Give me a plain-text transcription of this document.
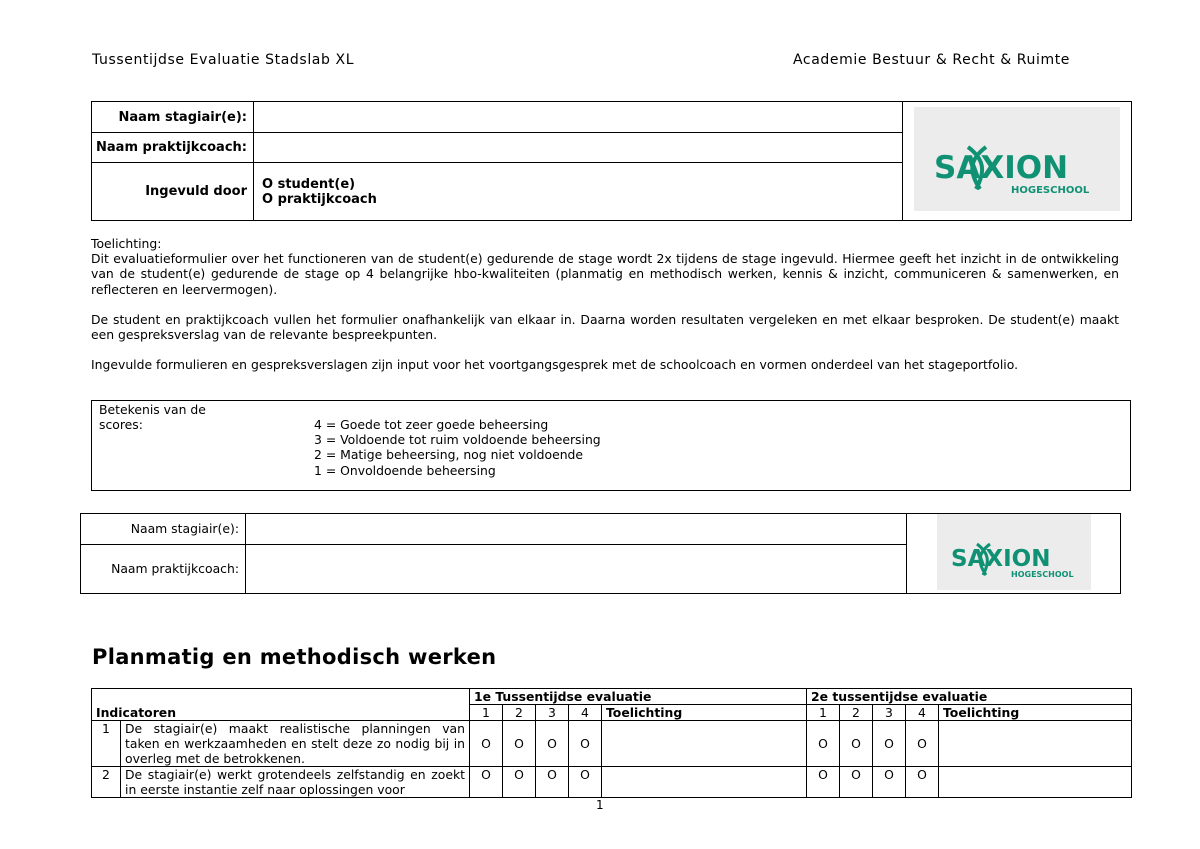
Tussentijdse Evaluatie Stadslab XL	Academie Bestuur & Recht & Ruimte
Naam stagiair(e):		SAXION
HOGESCHOOL

Naam praktijkcoach:		
Ingevuld door	O student(e)
O praktijkcoach	

Toelichting:

Dit evaluatieformulier over het functioneren van de student(e) gedurende de stage wordt 2x tijdens de stage ingevuld. Hiermee geeft het inzicht in de ontwikkeling van de student(e) gedurende de stage op 4 belangrijke hbo-kwaliteiten (planmatig en methodisch werken, kennis & inzicht, communiceren & samenwerken, en reflecteren en leervermogen).

De student en praktijkcoach vullen het formulier onafhankelijk van elkaar in. Daarna worden resultaten vergeleken en met elkaar besproken. De student(e) maakt een gespreksverslag van de relevante bespreekpunten.

Ingevulde formulieren en gespreksverslagen zijn input voor het voortgangsgesprek met de schoolcoach en vormen onderdeel van het stageportfolio.

Betekenis van de scores:	4 = Goede tot zeer goede beheersing
3 = Voldoende tot ruim voldoende beheersing
2 = Matige beheersing, nog niet voldoende
1 = Onvoldoende beheersing
Naam stagiair(e):		SAXION
HOGESCHOOL

Naam praktijkcoach:		
Planmatig en methodisch werken
Indicatoren		1e Tussentijdse evaluatie					2e tussentijdse evaluatie				
		1	2	3	4	Toelichting	1	2	3	4	Toelichting
1	De stagiair(e) maakt realistische planningen van taken en werkzaamheden en stelt deze zo nodig bij in overleg met de betrokkenen.	O	O	O	O		O	O	O	O	
2	De stagiair(e) werkt grotendeels zelfstandig en zoekt in eerste instantie zelf naar oplossingen voor	O	O	O	O		O	O	O	O	
1
